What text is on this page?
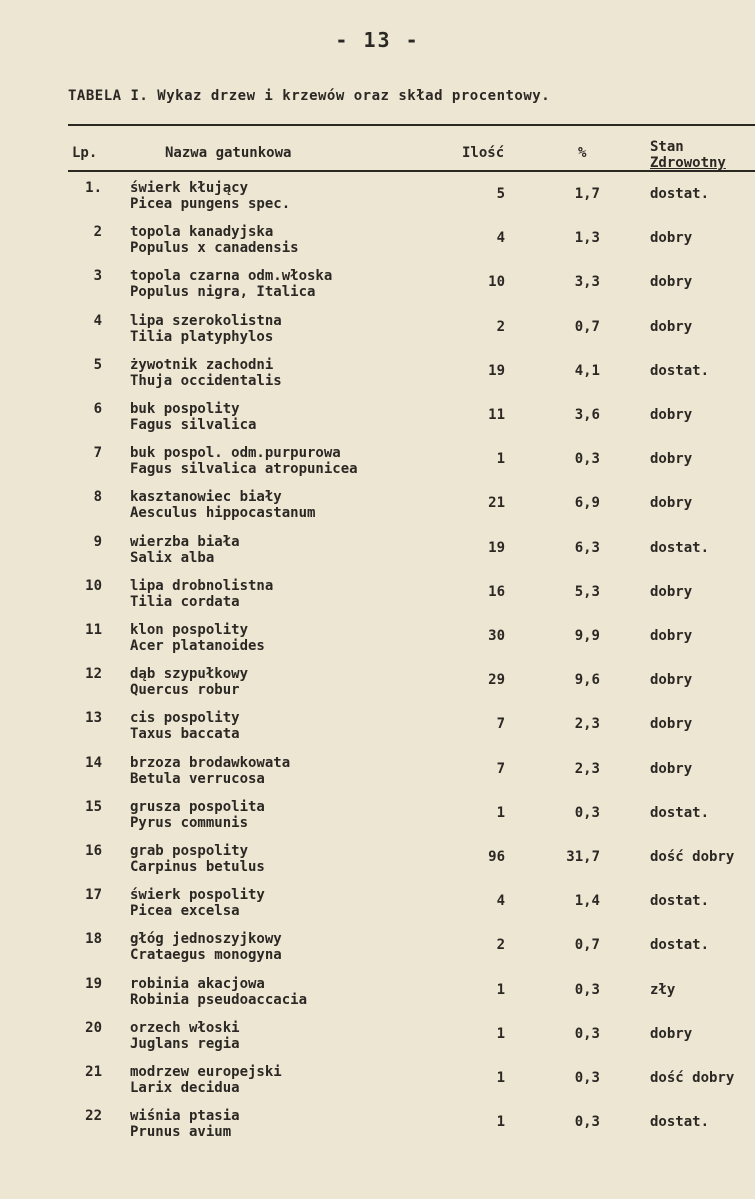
- 13 -
TABELA I. Wykaz drzew i krzewów oraz skład procentowy.
Lp.	Nazwa gatunkowa	Ilość	%	Stan
Zdrowotny
1. świerk kłujący
Picea pungens spec.
5	1,7	dostat.
2 topola kanadyjska
Populus x canadensis
4	1,3	dobry
3 topola czarna odm.włoska
Populus nigra, Italica
10	3,3	dobry
4 lipa szerokolistna
Tilia platyphylos
2	0,7	dobry
5 żywotnik zachodni
Thuja occidentalis
19	4,1	dostat.
6 buk pospolity
Fagus silvalica
11	3,6	dobry
7 buk pospol. odm.purpurowa
Fagus silvalica atropunicea
1	0,3	dobry
8 kasztanowiec biały
Aesculus hippocastanum
21	6,9	dobry
9 wierzba biała
Salix alba
19	6,3	dostat.
10 lipa drobnolistna
Tilia cordata
16	5,3	dobry
11 klon pospolity
Acer platanoides
30	9,9	dobry
12 dąb szypułkowy
Quercus robur
29	9,6	dobry
13 cis pospolity
Taxus baccata
7	2,3	dobry
14 brzoza brodawkowata
Betula verrucosa
7	2,3	dobry
15 grusza pospolita
Pyrus communis
1	0,3	dostat.
16 grab pospolity
Carpinus betulus
96	31,7	dość dobry
17 świerk pospolity
Picea excelsa
4	1,4	dostat.
18 głóg jednoszyjkowy
Crataegus monogyna
2	0,7	dostat.
19 robinia akacjowa
Robinia pseudoaccacia
1	0,3	zły
20 orzech włoski
Juglans regia
1	0,3	dobry
21 modrzew europejski
Larix decidua
1	0,3	dość dobry
22 wiśnia ptasia
Prunus avium
1	0,3	dostat.
